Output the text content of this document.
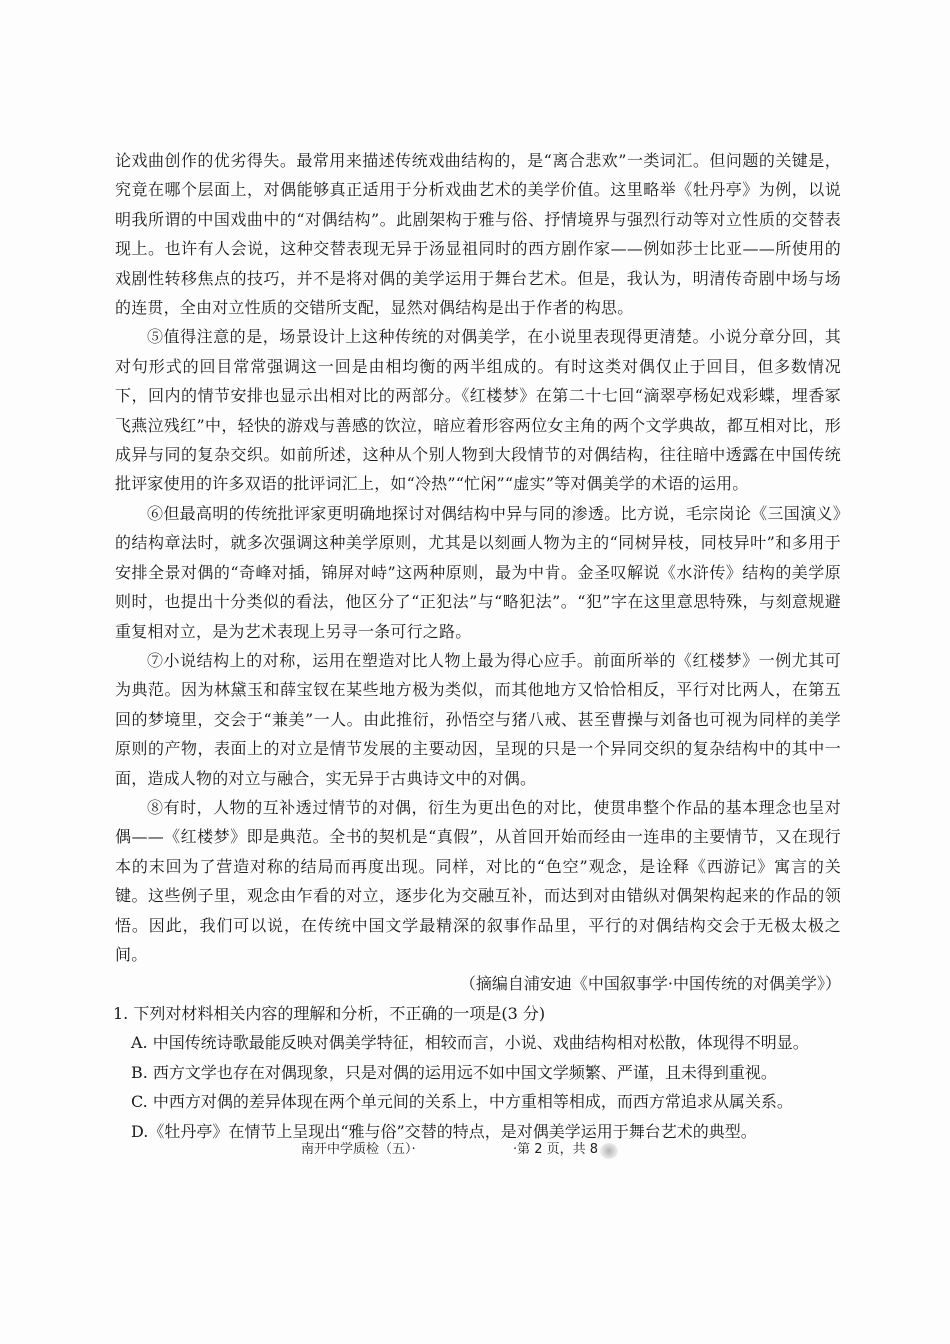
论戏曲创作的优劣得失。最常用来描述传统戏曲结构的，是“离合悲欢”一类词汇。但问题的关键是，究竟在哪个层面上，对偶能够真正适用于分析戏曲艺术的美学价值。这里略举《牡丹亭》为例，以说明我所谓的中国戏曲中的“对偶结构”。此剧架构于雅与俗、抒情境界与强烈行动等对立性质的交替表现上。也许有人会说，这种交替表现无异于汤显祖同时的西方剧作家——例如莎士比亚——所使用的戏剧性转移焦点的技巧，并不是将对偶的美学运用于舞台艺术。但是，我认为，明清传奇剧中场与场的连贯，全由对立性质的交错所支配，显然对偶结构是出于作者的构思。

⑤值得注意的是，场景设计上这种传统的对偶美学，在小说里表现得更清楚。小说分章分回，其对句形式的回目常常强调这一回是由相均衡的两半组成的。有时这类对偶仅止于回目，但多数情况下，回内的情节安排也显示出相对比的两部分。《红楼梦》在第二十七回“滴翠亭杨妃戏彩蝶，埋香冢飞燕泣残红”中，轻快的游戏与善感的饮泣，暗应着形容两位女主角的两个文学典故，都互相对比，形成异与同的复杂交织。如前所述，这种从个别人物到大段情节的对偶结构，往往暗中透露在中国传统批评家使用的许多双语的批评词汇上，如“冷热”“忙闲”“虚实”等对偶美学的术语的运用。

⑥但最高明的传统批评家更明确地探讨对偶结构中异与同的渗透。比方说，毛宗岗论《三国演义》的结构章法时，就多次强调这种美学原则，尤其是以刻画人物为主的“同树异枝，同枝异叶”和多用于安排全景对偶的“奇峰对插，锦屏对峙”这两种原则，最为中肯。金圣叹解说《水浒传》结构的美学原则时，也提出十分类似的看法，他区分了“正犯法”与“略犯法”。“犯”字在这里意思特殊，与刻意规避重复相对立，是为艺术表现上另寻一条可行之路。

⑦小说结构上的对称，运用在塑造对比人物上最为得心应手。前面所举的《红楼梦》一例尤其可为典范。因为林黛玉和薛宝钗在某些地方极为类似，而其他地方又恰恰相反，平行对比两人，在第五回的梦境里，交会于“兼美”一人。由此推衍，孙悟空与猪八戒、甚至曹操与刘备也可视为同样的美学原则的产物，表面上的对立是情节发展的主要动因，呈现的只是一个异同交织的复杂结构中的其中一面，造成人物的对立与融合，实无异于古典诗文中的对偶。

⑧有时，人物的互补透过情节的对偶，衍生为更出色的对比，使贯串整个作品的基本理念也呈对偶——《红楼梦》即是典范。全书的契机是“真假”，从首回开始而经由一连串的主要情节，又在现行本的末回为了营造对称的结局而再度出现。同样，对比的“色空”观念，是诠释《西游记》寓言的关键。这些例子里，观念由乍看的对立，逐步化为交融互补，而达到对由错纵对偶架构起来的作品的领悟。因此，我们可以说，在传统中国文学最精深的叙事作品里，平行的对偶结构交会于无极太极之间。

（摘编自浦安迪《中国叙事学·中国传统的对偶美学》）

1. 下列对材料相关内容的理解和分析，不正确的一项是(3 分)

A. 中国传统诗歌最能反映对偶美学特征，相较而言，小说、戏曲结构相对松散，体现得不明显。
B. 西方文学也存在对偶现象，只是对偶的运用远不如中国文学频繁、严谨，且未得到重视。
C. 中西方对偶的差异体现在两个单元间的关系上，中方重相等相成，而西方常追求从属关系。
D.《牡丹亭》在情节上呈现出“雅与俗”交替的特点，是对偶美学运用于舞台艺术的典型。
南开中学质检（五）·	·第 2 页，共 8
